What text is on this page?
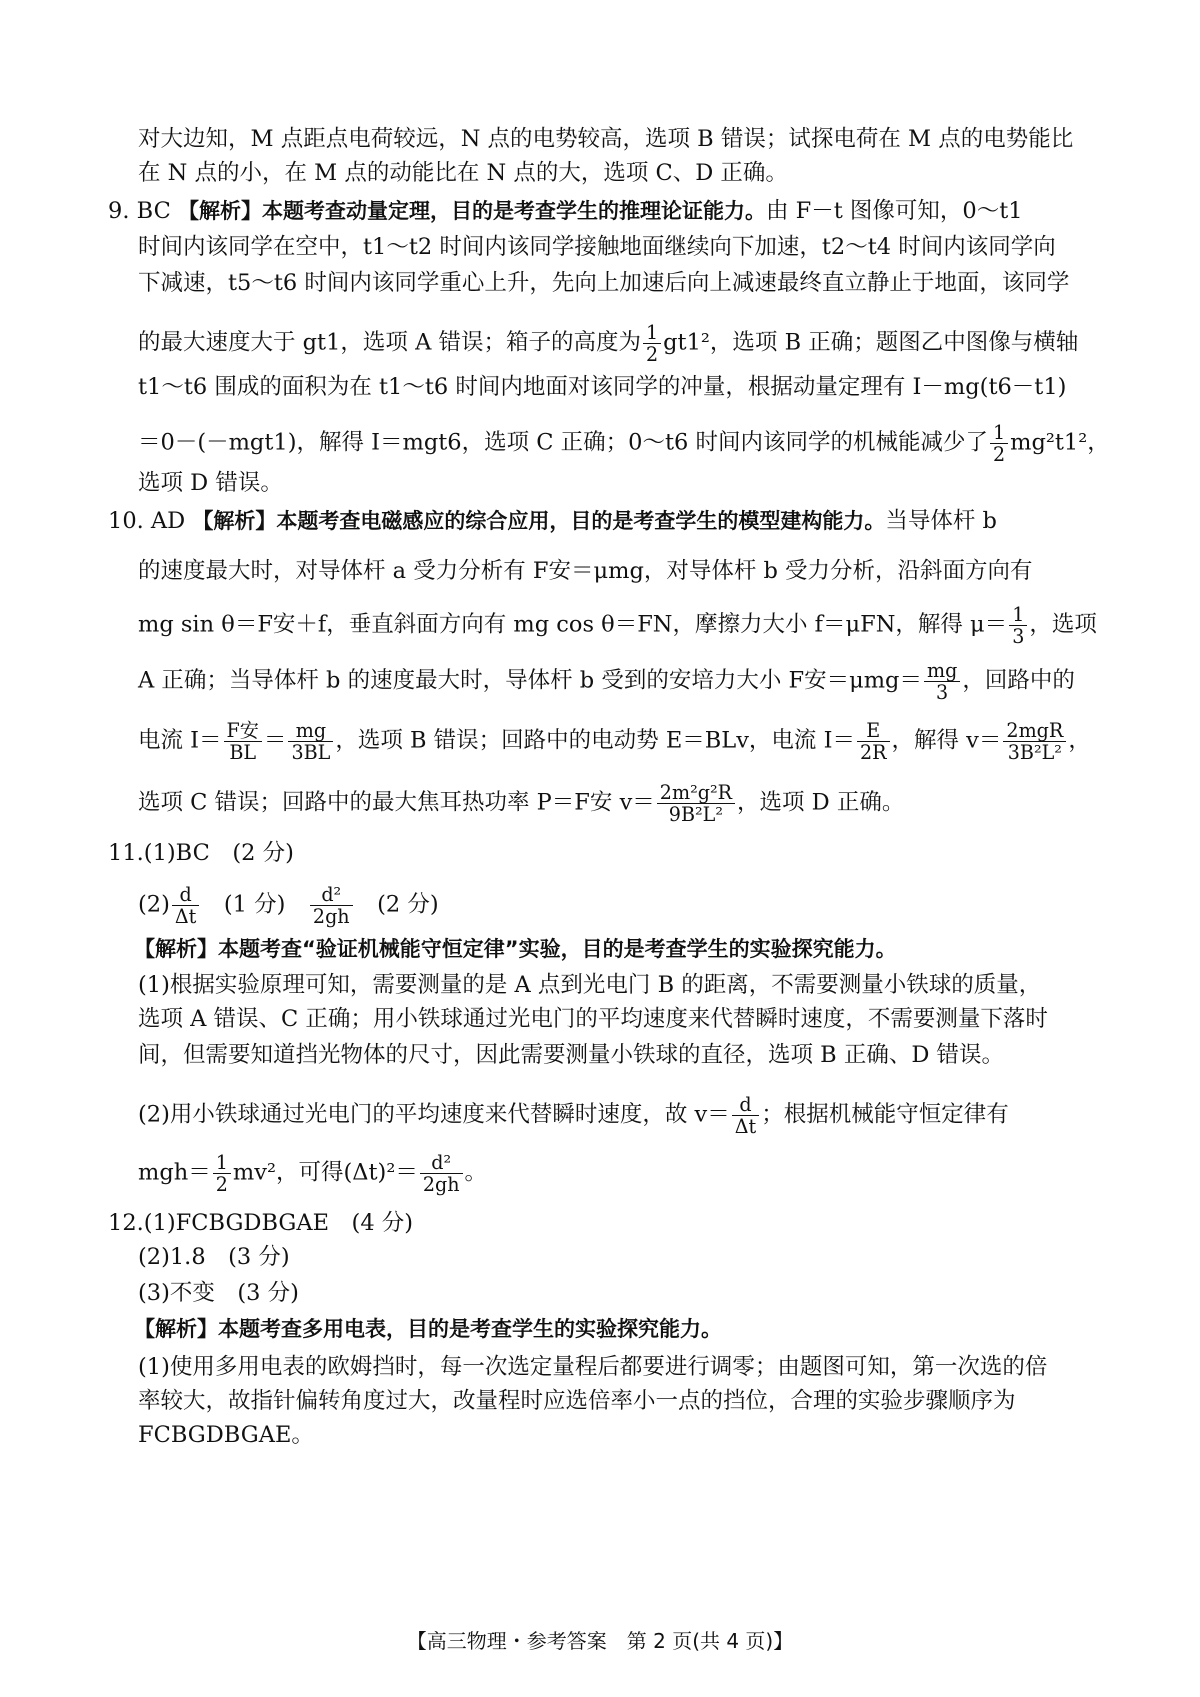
对大边知，M 点距点电荷较远，N 点的电势较高，选项 B 错误；试探电荷在 M 点的电势能比
在 N 点的小，在 M 点的动能比在 N 点的大，选项 C、D 正确。
9. BC 【解析】本题考查动量定理，目的是考查学生的推理论证能力。由 F－t 图像可知，0～t1
时间内该同学在空中，t1～t2 时间内该同学接触地面继续向下加速，t2～t4 时间内该同学向
下减速，t5～t6 时间内该同学重心上升，先向上加速后向上减速最终直立静止于地面，该同学
的最大速度大于 gt1，选项 A 错误；箱子的高度为 $\frac{1}{2} gt1^2$，选项 B 正确；题图乙中图像与横轴
t1～t6 围成的面积为在 t1～t6 时间内地面对该同学的冲量，根据动量定理有 I－mg(t6－t1)
＝0－(－mgt1)，解得 I＝mgt6，选项 C 正确；0～t6 时间内该同学的机械能减少了 $\frac{1}{2} mg^2t1^2$，
选项 D 错误。
10. AD 【解析】本题考查电磁感应的综合应用，目的是考查学生的模型建构能力。当导体杆 b
的速度最大时，对导体杆 a 受力分析有 F安＝μmg，对导体杆 b 受力分析，沿斜面方向有
mg sin θ＝F安＋f，垂直斜面方向有 mg cos θ＝FN，摩擦力大小 f＝μFN，解得 $\mu= \frac{1}{3}$ ，选项
A 正确；当导体杆 b 的速度最大时，导体杆 b 受到的安培力大小 F安$=\mu mg= \frac{mg}{3}$ ，回路中的
电流 $I= \frac{\text{F安}}{BL} = \frac{mg}{3BL}$ ，选项 B 错误；回路中的电动势 E＝BLv，电流 $I= \frac{E}{2R}$ ，解得 $v= \frac{\text{2mgR}}{\text{3B²L²}}$ ，
选项 C 错误；回路中的最大焦耳热功率 P＝F安 $v= \frac{\text{2m²g²R}}{\text{9B²L²}}$ ，选项 D 正确。
11.(1)BC　(2 分)
$(2) \frac{d}{\Delta t}$
　 (1 分)　 $\frac{\text{d²}}{2gh}$
　 (2 分)
【解析】本题考查“验证机械能守恒定律”实验，目的是考查学生的实验探究能力。
(1)根据实验原理可知，需要测量的是 A 点到光电门 B 的距离，不需要测量小铁球的质量，
选项 A 错误、C 正确；用小铁球通过光电门的平均速度来代替瞬时速度，不需要测量下落时
间，但需要知道挡光物体的尺寸，因此需要测量小铁球的直径，选项 B 正确、D 错误。
(2)用小铁球通过光电门的平均速度来代替瞬时速度，故 $v= \frac{d}{\Delta t}$ ；根据机械能守恒定律有
$mgh= \frac{1}{2} mv^2$，可得$(\Delta t)^2= \frac{\text{d²}}{2gh}$ 。
12.(1)FCBGDBGAE　(4 分)
(2)1.8　(3 分)
(3)不变　(3 分)
【解析】本题考查多用电表，目的是考查学生的实验探究能力。
(1)使用多用电表的欧姆挡时，每一次选定量程后都要进行调零；由题图可知，第一次选的倍
率较大，故指针偏转角度过大，改量程时应选倍率小一点的挡位，合理的实验步骤顺序为
FCBGDBGAE。
【高三物理・参考答案　第 2 页(共 4 页)】
